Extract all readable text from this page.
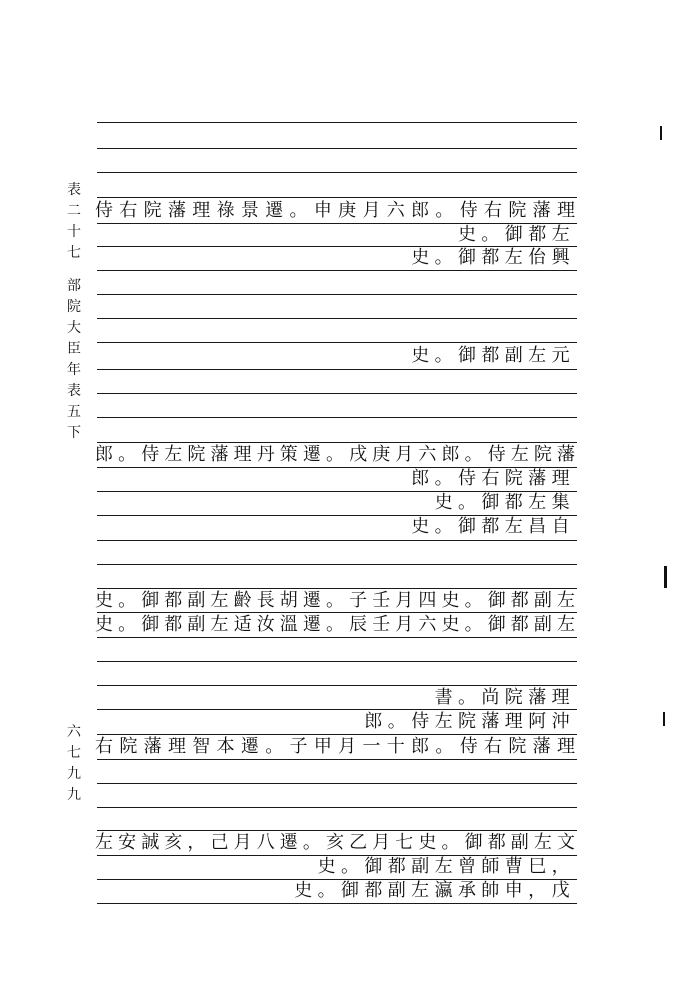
侍右院藩理祿景遷。申庚月六郎。侍右院藩理
史。御都左
史。御都左佁興
史。御都副左元
郎。侍左院藩理丹策遷。戌庚月六郎。侍左院藩
郎。侍右院藩理
史。御都左集
史。御都左昌自
史。御都副左齡長胡遷。子壬月四史。御都副左
史。御都副左适汝溫遷。辰壬月六史。御都副左
書。尚院藩理
郎。侍左院藩理阿沖
右院藩理智本遷。子甲月一十郎。侍右院藩理
左安誠亥，己月八遷。亥乙月七史。御都副左文
史。御都副左曾師曹巳，
史。御都副左瀛承帥申，戊
表二十七
部院大臣年表五下
六七九九
